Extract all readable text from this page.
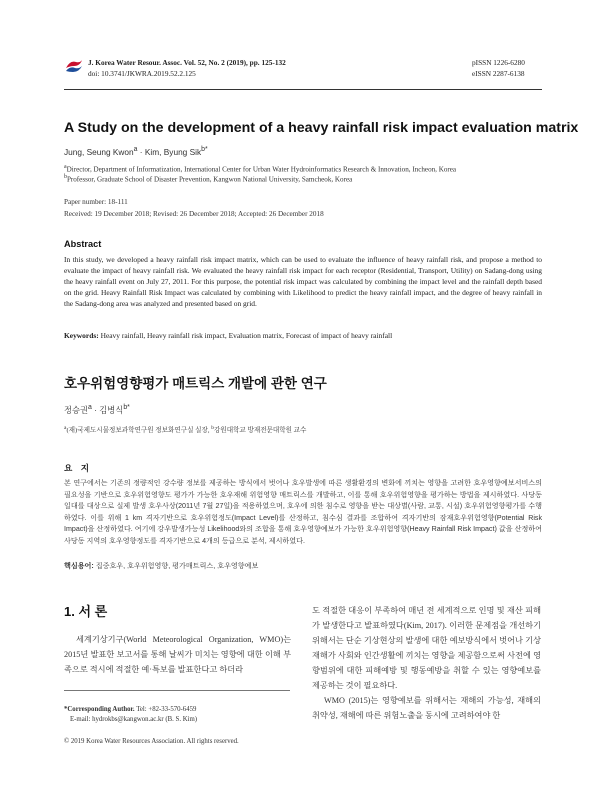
J. Korea Water Resour. Assoc. Vol. 52, No. 2 (2019), pp. 125-132
doi: 10.3741/JKWRA.2019.52.2.125
pISSN 1226-6280
eISSN 2287-6138
A Study on the development of a heavy rainfall risk impact evaluation matrix
Jung, Seung Kwon$^a$ · Kim, Byung Sik$^{b*}$
$^a$Director, Department of Informatization, International Center for Urban Water Hydroinformatics Research & Innovation, Incheon, Korea
$^b$Professor, Graduate School of Disaster Prevention, Kangwon National University, Samcheok, Korea
Paper number: 18-111
Received: 19 December 2018; Revised: 26 December 2018; Accepted: 26 December 2018
Abstract
In this study, we developed a heavy rainfall risk impact matrix, which can be used to evaluate the influence of heavy rainfall risk, and propose a method to evaluate the impact of heavy rainfall risk. We evaluated the heavy rainfall risk impact for each receptor (Residential, Transport, Utility) on Sadang-dong using the heavy rainfall event on July 27, 2011. For this purpose, the potential risk impact was calculated by combining the impact level and the rainfall depth based on the grid. Heavy Rainfall Risk Impact was calculated by combining with Likelihood to predict the heavy rainfall impact, and the degree of heavy rainfall in the Sadang-dong area was analyzed and presented based on grid.
Keywords: Heavy rainfall, Heavy rainfall risk impact, Evaluation matrix, Forecast of impact of heavy rainfall
호우위험영향평가 매트릭스 개발에 관한 연구
정승권$^a$ · 김병식$^{b*}$
$^a$(재)국제도시물정보과학연구원 정보화연구실 실장, $^b$강원대학교 방재전문대학원 교수
요 지
본 연구에서는 기존의 정량적인 강수량 정보를 제공하는 방식에서 벗어나 호우발생에 따른 생활환경의 변화에 끼치는 영향을 고려한 호우영향예보서비스의 필요성을 기반으로 호우위험영향도 평가가 가능한 호우재해 위험영향 매트릭스를 개발하고, 이를 통해 호우위험영향을 평가하는 방법을 제시하였다. 사당동 일대를 대상으로 실제 발생 호우사상(2011년 7월 27일)을 적용하였으며, 호우에 의한 침수로 영향을 받는 대상별(사람, 교통, 시설) 호우위험영향평가를 수행하였다. 이를 위해 1 km 격자기반으로 호우위험정도(Impact Level)를 산정하고, 침수심 결과를 조합하여 격자기반의 잠재호우위험영향(Potential Risk Impact)을 산정하였다. 여기에 강우발생가능성 Likelihood와의 조합을 통해 호우영향예보가 가능한 호우위험영향(Heavy Rainfall Risk Impact) 값을 산정하여 사당동 지역의 호우영향정도를 격자기반으로 4개의 등급으로 분석, 제시하였다.
핵심용어: 집중호우, 호우위험영향, 평가매트릭스, 호우영향예보
1. 서 론
세계기상기구(World Meteorological Organization, WMO)는 2015년 발표한 보고서를 통해 날씨가 미치는 영향에 대한 이해 부족으로 적시에 적절한 예·특보를 발표한다고 하더라
도 적절한 대응이 부족하여 매년 전 세계적으로 인명 및 재산 피해가 발생한다고 발표하였다(Kim, 2017). 이러한 문제점을 개선하기 위해서는 단순 기상현상의 발생에 대한 예보방식에서 벗어나 기상재해가 사회와 인간생활에 끼치는 영향을 제공함으로써 사전에 영향범위에 대한 피해예방 및 행동예방을 취할 수 있는 영향예보를 제공하는 것이 필요하다.
WMO (2015)는 영향예보를 위해서는 재해의 가능성, 재해의 취약성, 재해에 따른 위험노출을 동시에 고려하여야 한
*Corresponding Author. Tel: +82-33-570-6459
E-mail: hydrokbs@kangwon.ac.kr (B. S. Kim)
© 2019 Korea Water Resources Association. All rights reserved.
